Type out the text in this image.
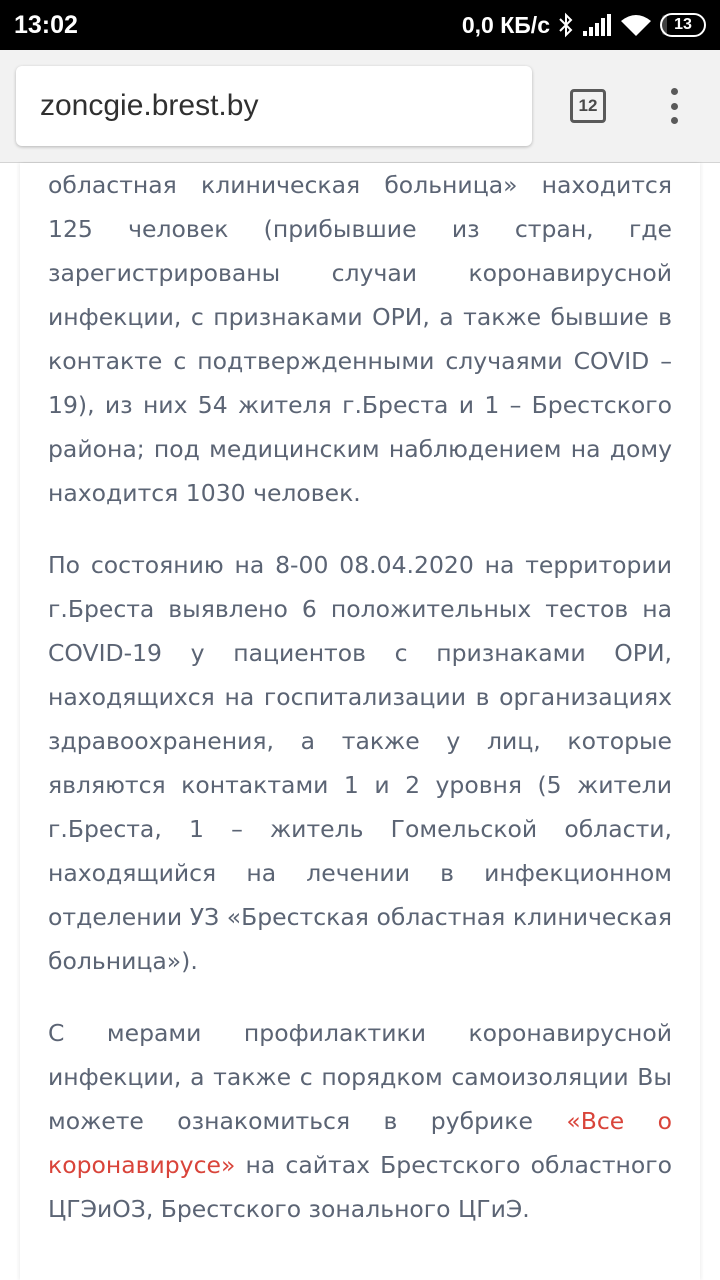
13:02	0,0 КБ/с	13
zoncgie.brest.by	12

областная клиническая больница» находится 125 человек (прибывшие из стран, где зарегистрированы случаи коронавирусной инфекции, с признаками ОРИ, а также бывшие в контакте с подтвержденными случаями COVID – 19), из них 54 жителя г.Бреста и 1 – Брестского района; под медицинским наблюдением на дому находится 1030 человек.

По состоянию на 8-00 08.04.2020 на территории г.Бреста выявлено 6 положительных тестов на COVID-19 у пациентов с признаками ОРИ, находящихся на госпитализации в организациях здравоохранения, а также у лиц, которые являются контактами 1 и 2 уровня (5 жители г.Бреста, 1 – житель Гомельской области, находящийся на лечении в инфекционном отделении УЗ «Брестская областная клиническая больница»).

С мерами профилактики коронавирусной инфекции, а также с порядком самоизоляции Вы можете ознакомиться в рубрике «Все о коронавирусе» на сайтах Брестского областного ЦГЭиОЗ, Брестского зонального ЦГиЭ.
